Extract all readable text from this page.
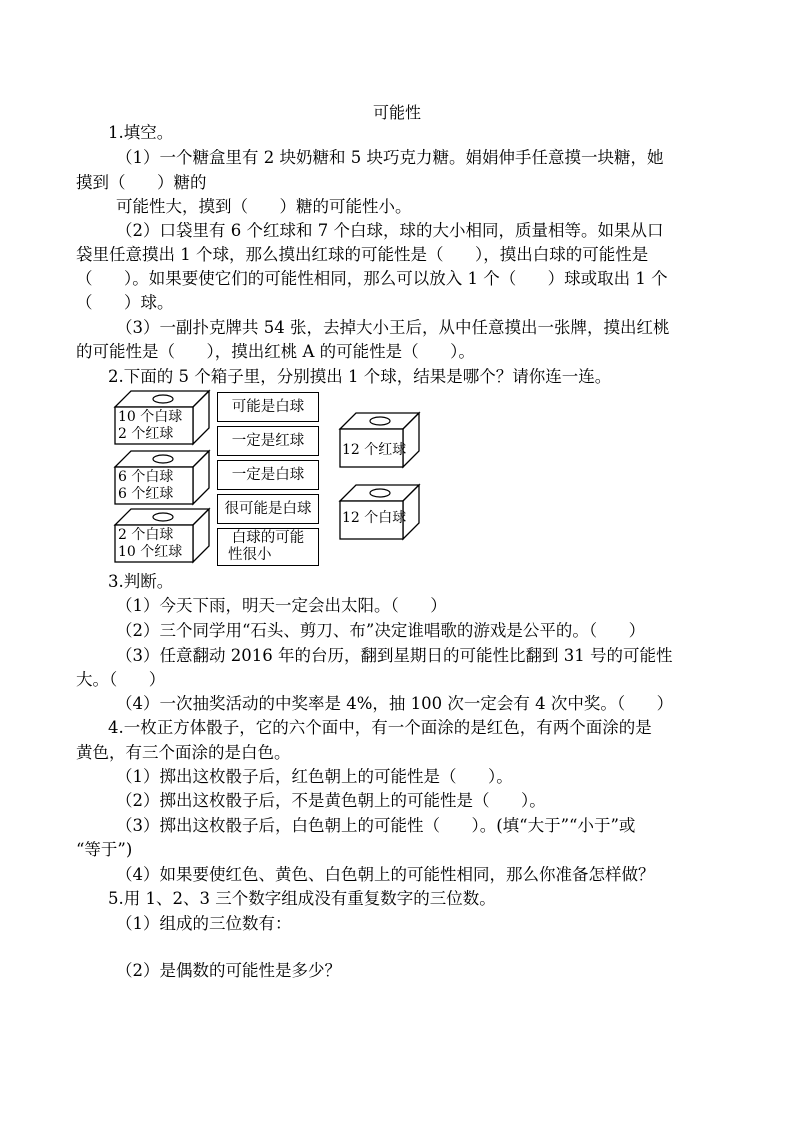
可能性
1.填空。
（1）一个糖盒里有 2 块奶糖和 5 块巧克力糖。娟娟伸手任意摸一块糖，她
摸到（      ）糖的
可能性大，摸到（      ）糖的可能性小。
（2）口袋里有 6 个红球和 7 个白球，球的大小相同，质量相等。如果从口
袋里任意摸出 1 个球，那么摸出红球的可能性是（      ），摸出白球的可能性是
（      ）。如果要使它们的可能性相同，那么可以放入 1 个（      ）球或取出 1 个
（      ）球。
（3）一副扑克牌共 54 张，去掉大小王后，从中任意摸出一张牌，摸出红桃
的可能性是（      ），摸出红桃 A 的可能性是（      ）。
2.下面的 5 个箱子里，分别摸出 1 个球，结果是哪个？请你连一连。
10 个白球
2 个红球
6 个白球
6 个红球
2 个白球
10 个红球
可能是白球
一定是红球
一定是白球
很可能是白球
白球的可能
性很小
12 个红球
12 个白球
3.判断。
（1）今天下雨，明天一定会出太阳。（      ）
（2）三个同学用“石头、剪刀、布”决定谁唱歌的游戏是公平的。（      ）
（3）任意翻动 2016 年的台历，翻到星期日的可能性比翻到 31 号的可能性
大。（      ）
（4）一次抽奖活动的中奖率是 4%，抽 100 次一定会有 4 次中奖。（      ）
4.一枚正方体骰子，它的六个面中，有一个面涂的是红色，有两个面涂的是
黄色，有三个面涂的是白色。
（1）掷出这枚骰子后，红色朝上的可能性是（      ）。
（2）掷出这枚骰子后，不是黄色朝上的可能性是（      ）。
（3）掷出这枚骰子后，白色朝上的可能性（      ）。(填“大于”“小于”或
“等于”)
（4）如果要使红色、黄色、白色朝上的可能性相同，那么你准备怎样做？
5.用 1、2、3 三个数字组成没有重复数字的三位数。
（1）组成的三位数有：
（2）是偶数的可能性是多少？
